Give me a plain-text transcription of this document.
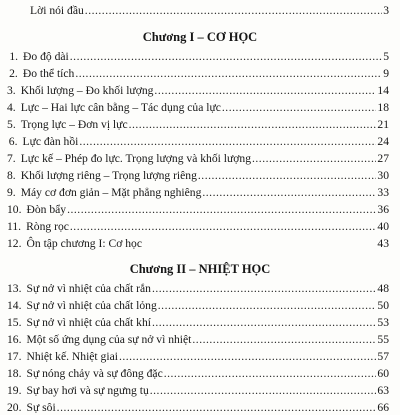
Lời nói đầu .....	3
Chương I – CƠ HỌC
1. Đo độ dài .....	5
2. Đo thể tích .....	9
3. Khối lượng – Đo khối lượng .....	14
4. Lực – Hai lực cân bằng – Tác dụng của lực .....	18
5. Trọng lực – Đơn vị lực .....	21
6. Lực đàn hồi .....	24
7. Lực kế – Phép đo lực. Trọng lượng và khối lượng .....	27
8. Khối lượng riêng – Trọng lượng riêng .....	30
9. Máy cơ đơn giản – Mặt phẳng nghiêng .....	33
10. Đòn bẩy .....	36
11. Ròng rọc .....	40
12. Ôn tập chương I: Cơ học	43
Chương II – NHIỆT HỌC
13. Sự nở vì nhiệt của chất rắn .....	48
14. Sự nở vì nhiệt của chất lỏng .....	50
15. Sự nở vì nhiệt của chất khí .....	53
16. Một số ứng dụng của sự nở vì nhiệt .....	55
17. Nhiệt kế. Nhiệt giai .....	57
18. Sự nóng chảy và sự đông đặc .....	60
19. Sự bay hơi và sự ngưng tụ .....	63
20. Sự sôi .....	66
